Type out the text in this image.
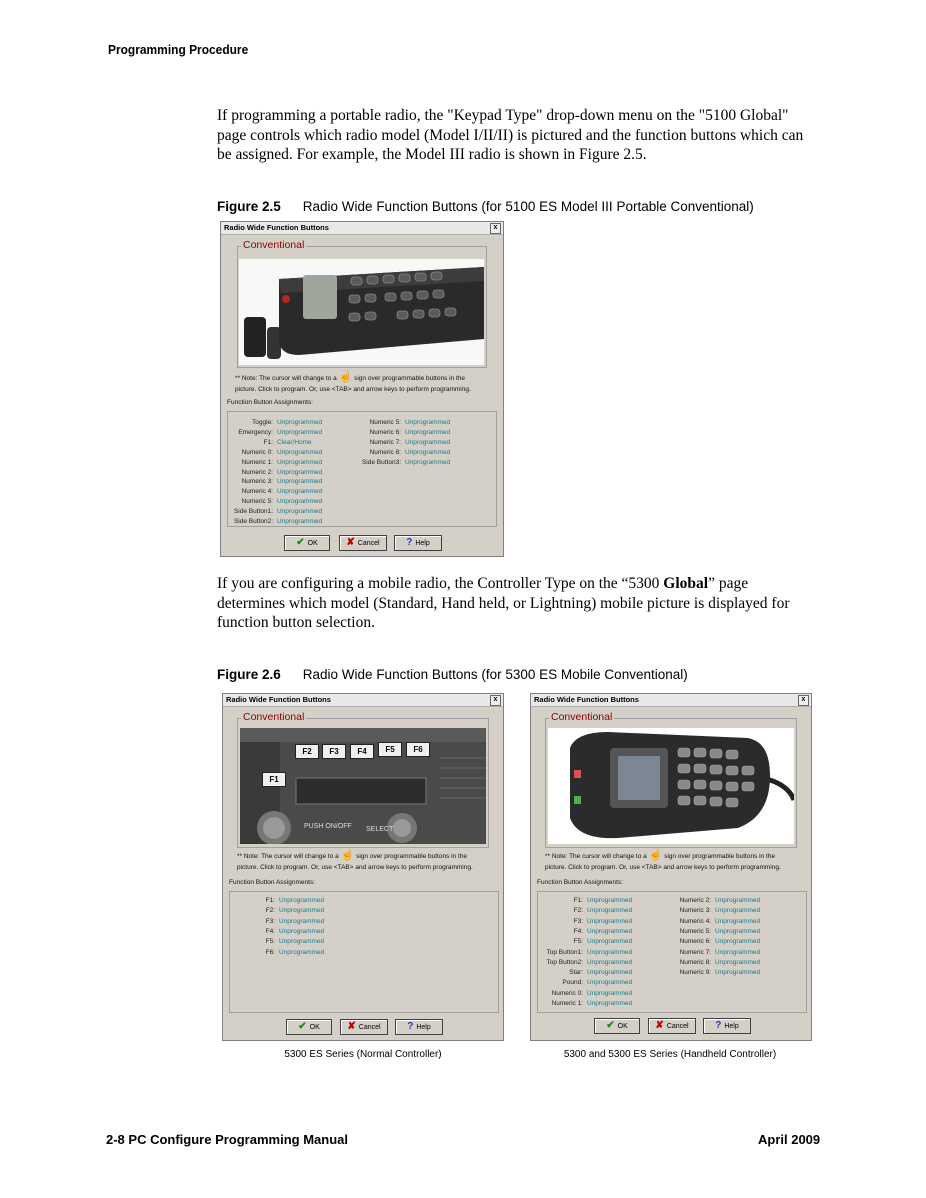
Programming Procedure
If programming a portable radio, the "Keypad Type" drop-down menu on the "5100 Global" page controls which radio model (Model I/II/II) is pictured and the function buttons which can be assigned. For example, the Model III radio is shown in Figure 2.5.
Figure 2.5 Radio Wide Function Buttons (for 5100 ES Model III Portable Conventional)
Radio Wide Function Buttons	x
Conventional
** Note: The cursor will change to a ☝ sign over programmable buttons in the
picture. Click to program. Or, use <TAB> and arrow keys to perform programming.
Function Button Assignments:
Toggle: Unprogrammed
Emergency: Unprogrammed
F1: Clear/Home
Numeric 0: Unprogrammed
Numeric 1: Unprogrammed
Numeric 2: Unprogrammed
Numeric 3: Unprogrammed
Numeric 4: Unprogrammed
Numeric 5: Unprogrammed
Side Button1: Unprogrammed
Side Button2: Unprogrammed
Numeric 5: Unprogrammed
Numeric 6: Unprogrammed
Numeric 7: Unprogrammed
Numeric 8: Unprogrammed
Side Button3: Unprogrammed
✔ OK	✘ Cancel	? Help
If you are configuring a mobile radio, the Controller Type on the “5300 Global” page determines which model (Standard, Hand held, or Lightning) mobile picture is displayed for function button selection.
Figure 2.6 Radio Wide Function Buttons (for 5300 ES Mobile Conventional)
Radio Wide Function Buttons	x
Conventional
PUSH ON/OFF SELECT
F1
F2	F3	F4	F5	F6
** Note: The cursor will change to a ☝ sign over programmable buttons in the
picture. Click to program. Or, use <TAB> and arrow keys to perform programming.
Function Button Assignments:
F1: Unprogrammed
F2: Unprogrammed
F3: Unprogrammed
F4: Unprogrammed
F5: Unprogrammed
F6: Unprogrammed
✔ OK	✘ Cancel	? Help
5300 ES Series (Normal Controller)
Radio Wide Function Buttons	x
Conventional
** Note: The cursor will change to a ☝ sign over programmable buttons in the
picture. Click to program. Or, use <TAB> and arrow keys to perform programming.
Function Button Assignments:
F1: Unprogrammed
F2: Unprogrammed
F3: Unprogrammed
F4: Unprogrammed
F5: Unprogrammed
Top Button1: Unprogrammed
Top Button2: Unprogrammed
Star: Unprogrammed
Pound: Unprogrammed
Numeric 0: Unprogrammed
Numeric 1: Unprogrammed
Numeric 2: Unprogrammed
Numeric 3: Unprogrammed
Numeric 4: Unprogrammed
Numeric 5: Unprogrammed
Numeric 6: Unprogrammed
Numeric 7: Unprogrammed
Numeric 8: Unprogrammed
Numeric 9: Unprogrammed
✔ OK	✘ Cancel	? Help
5300 and 5300 ES Series (Handheld Controller)
2-8 PC Configure Programming Manual	April 2009
